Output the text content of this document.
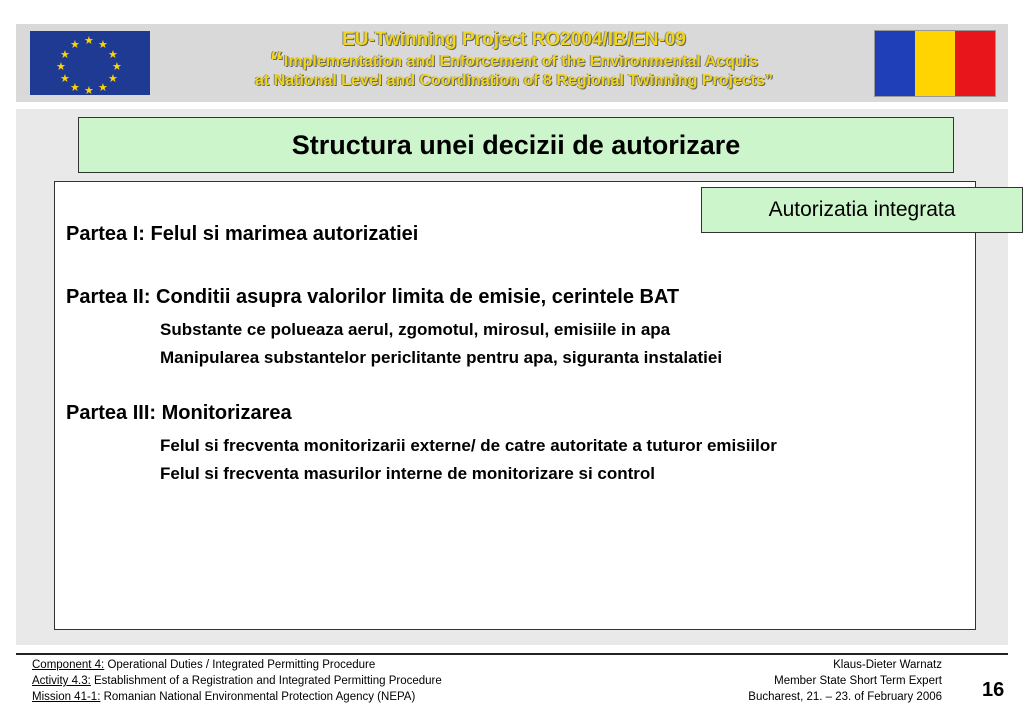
★ ★
★
★
★
★
★
★
★
★
★
★	EU-Twinning Project RO2004/IB/EN-09
“Implementation and Enforcement of the Environmental Acquis
at National Level and Coordination of 8 Regional Twinning Projects”
Structura unei decizii de autorizare
Autorizatia integrata
Partea I: Felul si marimea autorizatiei
Partea II: Conditii asupra valorilor limita de emisie, cerintele BAT
Substante ce polueaza aerul, zgomotul, mirosul, emisiile in apa
Manipularea substantelor periclitante pentru apa, siguranta instalatiei
Partea III: Monitorizarea
Felul si frecventa monitorizarii externe/ de catre autoritate a tuturor emisiilor
Felul si frecventa masurilor interne de monitorizare si control
Component 4: Operational Duties / Integrated Permitting Procedure
Activity 4.3: Establishment of a Registration and Integrated Permitting Procedure
Mission 41-1: Romanian National Environmental Protection Agency (NEPA)
Klaus-Dieter Warnatz
Member State Short Term Expert
Bucharest, 21. – 23. of February 2006 16
